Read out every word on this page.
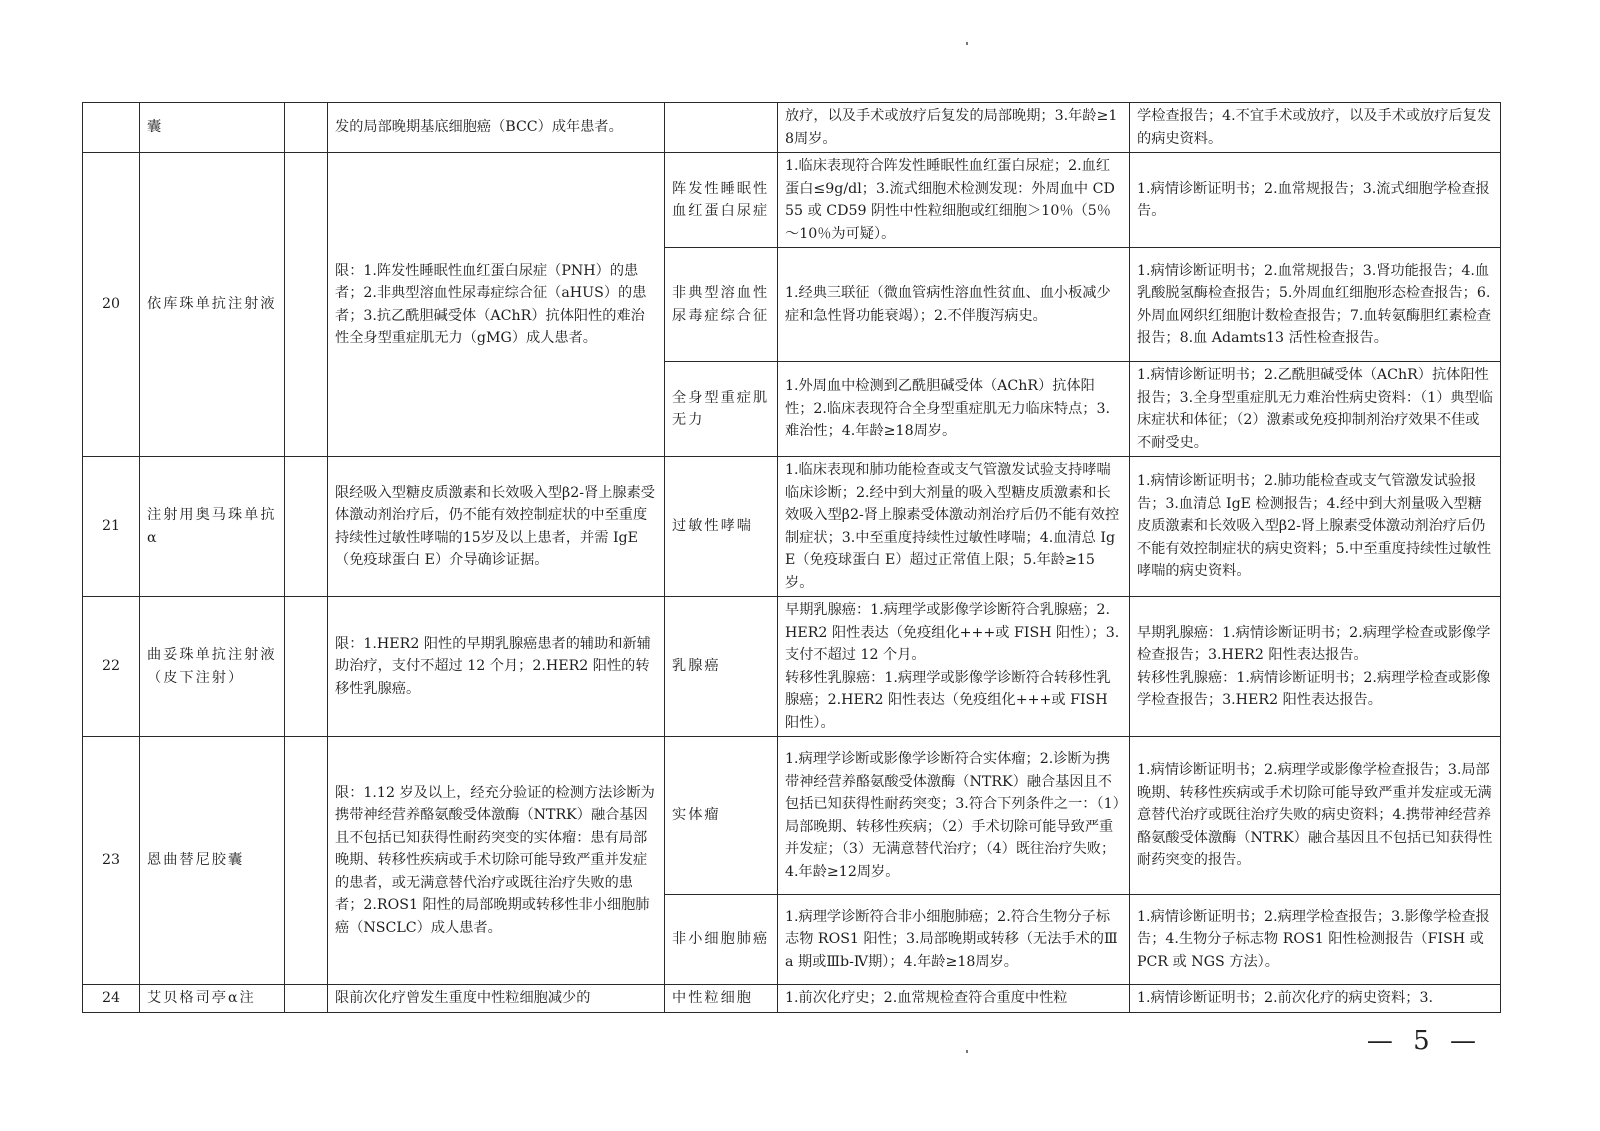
	囊		发的局部晚期基底细胞癌（BCC）成年患者。		放疗，以及手术或放疗后复发的局部晚期；3.年龄≥18周岁。	学检查报告；4.不宜手术或放疗，以及手术或放疗后复发的病史资料。

20	依库珠单抗注射液		限：1.阵发性睡眠性血红蛋白尿症（PNH）的患者；2.非典型溶血性尿毒症综合征（aHUS）的患者；3.抗乙酰胆碱受体（AChR）抗体阳性的难治性全身型重症肌无力（gMG）成人患者。	阵发性睡眠性血红蛋白尿症	1.临床表现符合阵发性睡眠性血红蛋白尿症；2.血红蛋白≤9g/dl；3.流式细胞术检测发现：外周血中 CD55 或 CD59 阴性中性粒细胞或红细胞＞10％（5％～10％为可疑）。	1.病情诊断证明书；2.血常规报告；3.流式细胞学检查报告。

				非典型溶血性尿毒症综合征	1.经典三联征（微血管病性溶血性贫血、血小板减少症和急性肾功能衰竭）；2.不伴腹泻病史。	1.病情诊断证明书；2.血常规报告；3.肾功能报告；4.血乳酸脱氢酶检查报告；5.外周血红细胞形态检查报告；6.外周血网织红细胞计数检查报告；7.血转氨酶胆红素检查报告；8.血 Adamts13 活性检查报告。

				全身型重症肌无力	1.外周血中检测到乙酰胆碱受体（AChR）抗体阳性；2.临床表现符合全身型重症肌无力临床特点；3.难治性；4.年龄≥18周岁。	1.病情诊断证明书；2.乙酰胆碱受体（AChR）抗体阳性报告；3.全身型重症肌无力难治性病史资料：（1）典型临床症状和体征；（2）激素或免疫抑制剂治疗效果不佳或不耐受史。

21	注射用奥马珠单抗α		限经吸入型糖皮质激素和长效吸入型β2-肾上腺素受体激动剂治疗后，仍不能有效控制症状的中至重度持续性过敏性哮喘的15岁及以上患者，并需 IgE（免疫球蛋白 E）介导确诊证据。	过敏性哮喘	1.临床表现和肺功能检查或支气管激发试验支持哮喘临床诊断；2.经中到大剂量的吸入型糖皮质激素和长效吸入型β2-肾上腺素受体激动剂治疗后仍不能有效控制症状；3.中至重度持续性过敏性哮喘；4.血清总 IgE（免疫球蛋白 E）超过正常值上限；5.年龄≥15岁。	1.病情诊断证明书；2.肺功能检查或支气管激发试验报告；3.血清总 IgE 检测报告；4.经中到大剂量吸入型糖皮质激素和长效吸入型β2-肾上腺素受体激动剂治疗后仍不能有效控制症状的病史资料；5.中至重度持续性过敏性哮喘的病史资料。

22	曲妥珠单抗注射液（皮下注射）		限：1.HER2 阳性的早期乳腺癌患者的辅助和新辅助治疗，支付不超过 12 个月；2.HER2 阳性的转移性乳腺癌。	乳腺癌	早期乳腺癌：1.病理学或影像学诊断符合乳腺癌；2.HER2 阳性表达（免疫组化+++或 FISH 阳性）；3.支付不超过 12 个月。
转移性乳腺癌：1.病理学或影像学诊断符合转移性乳腺癌；2.HER2 阳性表达（免疫组化+++或 FISH 阳性）。	早期乳腺癌：1.病情诊断证明书；2.病理学检查或影像学检查报告；3.HER2 阳性表达报告。
转移性乳腺癌：1.病情诊断证明书；2.病理学检查或影像学检查报告；3.HER2 阳性表达报告。

23	恩曲替尼胶囊		限：1.12 岁及以上，经充分验证的检测方法诊断为携带神经营养酪氨酸受体激酶（NTRK）融合基因且不包括已知获得性耐药突变的实体瘤：患有局部晚期、转移性疾病或手术切除可能导致严重并发症的患者，或无满意替代治疗或既往治疗失败的患者；2.ROS1 阳性的局部晚期或转移性非小细胞肺癌（NSCLC）成人患者。	实体瘤	1.病理学诊断或影像学诊断符合实体瘤；2.诊断为携带神经营养酪氨酸受体激酶（NTRK）融合基因且不包括已知获得性耐药突变；3.符合下列条件之一：（1）局部晚期、转移性疾病；（2）手术切除可能导致严重并发症；（3）无满意替代治疗；（4）既往治疗失败；4.年龄≥12周岁。	1.病情诊断证明书；2.病理学或影像学检查报告；3.局部晚期、转移性疾病或手术切除可能导致严重并发症或无满意替代治疗或既往治疗失败的病史资料；4.携带神经营养酪氨酸受体激酶（NTRK）融合基因且不包括已知获得性耐药突变的报告。

				非小细胞肺癌	1.病理学诊断符合非小细胞肺癌；2.符合生物分子标志物 ROS1 阳性；3.局部晚期或转移（无法手术的Ⅲa 期或Ⅲb-Ⅳ期）；4.年龄≥18周岁。	1.病情诊断证明书；2.病理学检查报告；3.影像学检查报告；4.生物分子标志物 ROS1 阳性检测报告（FISH 或 PCR 或 NGS 方法）。

24	艾贝格司亭α注		限前次化疗曾发生重度中性粒细胞减少的	中性粒细胞	1.前次化疗史；2.血常规检查符合重度中性粒	1.病情诊断证明书；2.前次化疗的病史资料；3.
— 5 —
